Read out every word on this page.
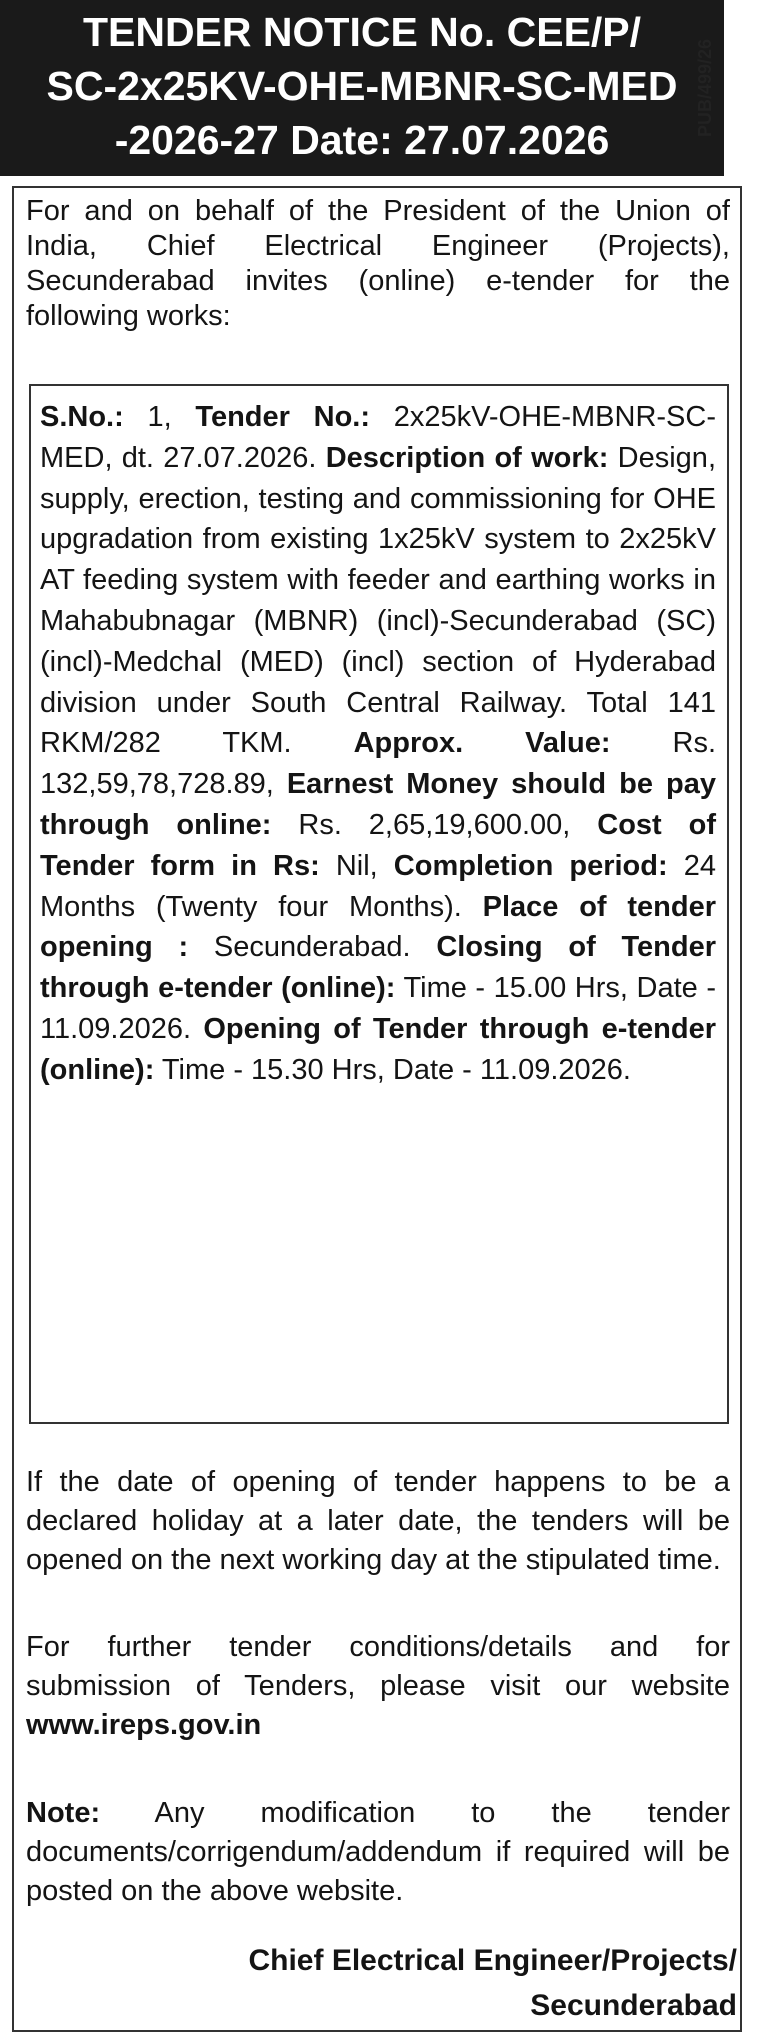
TENDER NOTICE No. CEE/P/
SC-2x25KV-OHE-MBNR-SC-MED
-2026-27 Date: 27.07.2026
PUB/499/26
For and on behalf of the President of the Union of India, Chief Electrical Engineer (Projects), Secunderabad invites (online) e-tender for the following works:
S.No.: 1, Tender No.: 2x25kV-OHE-MBNR-SC-MED, dt. 27.07.2026. Description of work: Design, supply, erection, testing and commissioning for OHE upgradation from existing 1x25kV system to 2x25kV AT feeding system with feeder and earthing works in Mahabubnagar (MBNR) (incl)-Secunderabad (SC) (incl)-Medchal (MED) (incl) section of Hyderabad division under South Central Railway. Total 141 RKM/282 TKM. Approx. Value: Rs. 132,59,78,728.89, Earnest Money should be pay through online: Rs. 2,65,19,600.00, Cost of Tender form in Rs: Nil, Completion period: 24 Months (Twenty four Months). Place of tender opening : Secunderabad. Closing of Tender through e-tender (online): Time - 15.00 Hrs, Date - 11.09.2026. Opening of Tender through e-tender (online): Time - 15.30 Hrs, Date - 11.09.2026.
If the date of opening of tender happens to be a declared holiday at a later date, the tenders will be opened on the next working day at the stipulated time.
For further tender conditions/details and for submission of Tenders, please visit our website www.ireps.gov.in
Note: Any modification to the tender documents/corrigendum/addendum if required will be posted on the above website.
Chief Electrical Engineer/Projects/
Secunderabad
